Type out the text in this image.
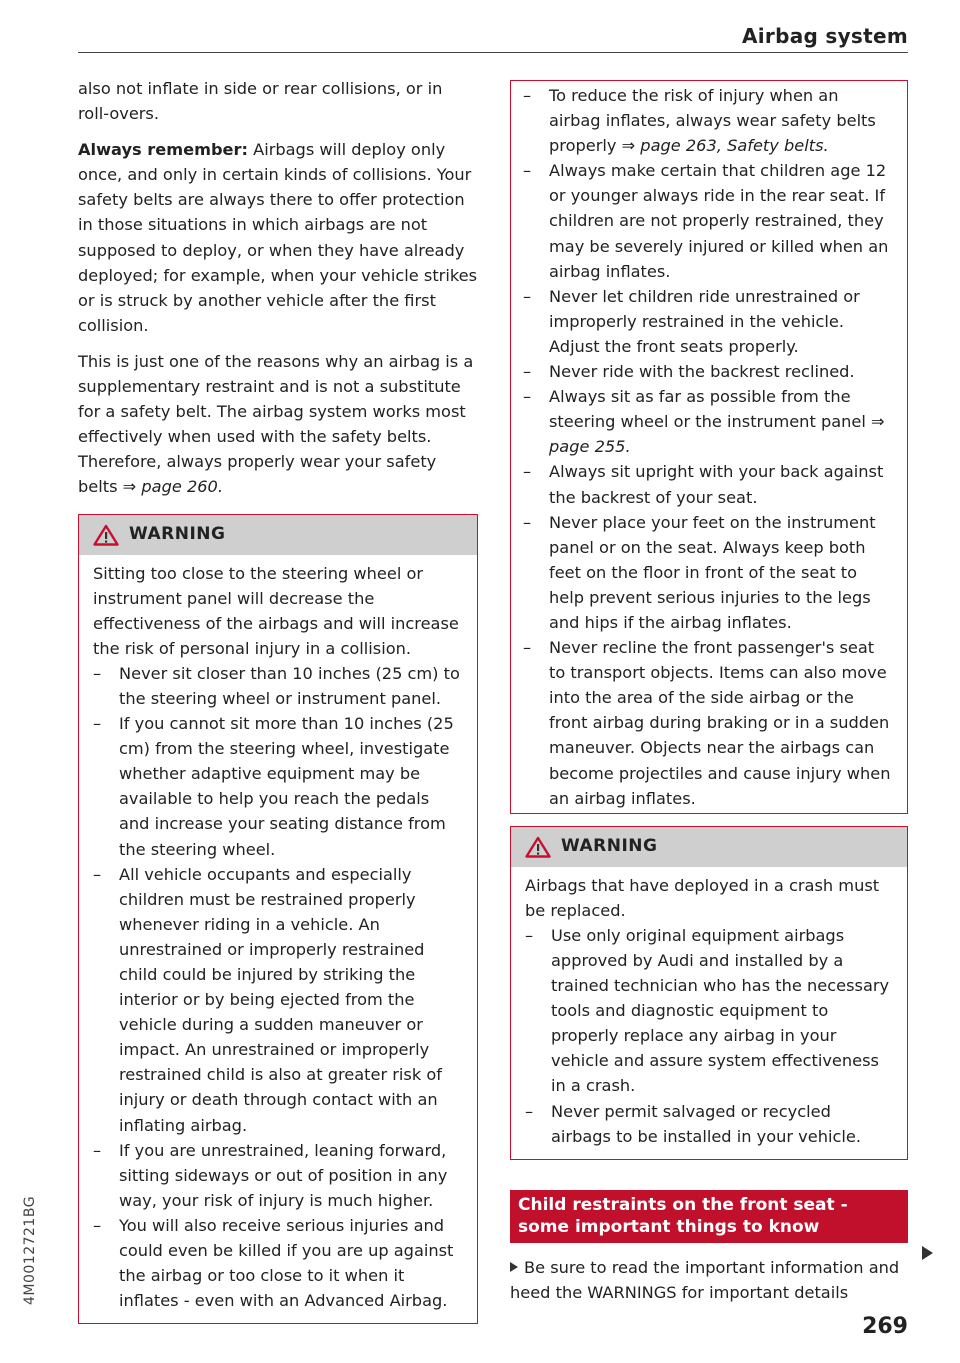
Airbag system
4M0012721BG

also not inflate in side or rear collisions, or in roll-overs.

Always remember: Airbags will deploy only once, and only in certain kinds of collisions. Your safety belts are always there to offer protection in those situations in which airbags are not supposed to deploy, or when they have already deployed; for example, when your vehicle strikes or is struck by another vehicle after the first collision.

This is just one of the reasons why an airbag is a supplementary restraint and is not a substitute for a safety belt. The airbag system works most effectively when used with the safety belts. Therefore, always properly wear your safety belts ⇒ page 260.

WARNING
Sitting too close to the steering wheel or instrument panel will decrease the effectiveness of the airbags and will increase the risk of personal injury in a collision.
– Never sit closer than 10 inches (25 cm) to the steering wheel or instrument panel.
– If you cannot sit more than 10 inches (25 cm) from the steering wheel, investigate whether adaptive equipment may be available to help you reach the pedals and increase your seating distance from the steering wheel.
– All vehicle occupants and especially children must be restrained properly whenever riding in a vehicle. An unrestrained or improperly restrained child could be injured by striking the interior or by being ejected from the vehicle during a sudden maneuver or impact. An unrestrained or improperly restrained child is also at greater risk of injury or death through contact with an inflating airbag.
– If you are unrestrained, leaning forward, sitting sideways or out of position in any way, your risk of injury is much higher.
– You will also receive serious injuries and could even be killed if you are up against the airbag or too close to it when it inflates - even with an Advanced Airbag.
– To reduce the risk of injury when an airbag inflates, always wear safety belts properly ⇒ page 263, Safety belts.
– Always make certain that children age 12 or younger always ride in the rear seat. If children are not properly restrained, they may be severely injured or killed when an airbag inflates.
– Never let children ride unrestrained or improperly restrained in the vehicle. Adjust the front seats properly.
– Never ride with the backrest reclined.
– Always sit as far as possible from the steering wheel or the instrument panel ⇒ page 255.
– Always sit upright with your back against the backrest of your seat.
– Never place your feet on the instrument panel or on the seat. Always keep both feet on the floor in front of the seat to help prevent serious injuries to the legs and hips if the airbag inflates.
– Never recline the front passenger's seat to transport objects. Items can also move into the area of the side airbag or the front airbag during braking or in a sudden maneuver. Objects near the airbags can become projectiles and cause injury when an airbag inflates.
WARNING
Airbags that have deployed in a crash must be replaced.
– Use only original equipment airbags approved by Audi and installed by a trained technician who has the necessary tools and diagnostic equipment to properly replace any airbag in your vehicle and assure system effectiveness in a crash.
– Never permit salvaged or recycled airbags to be installed in your vehicle.
Child restraints on the front seat - some important things to know
Be sure to read the important information and heed the WARNINGS for important details
269
